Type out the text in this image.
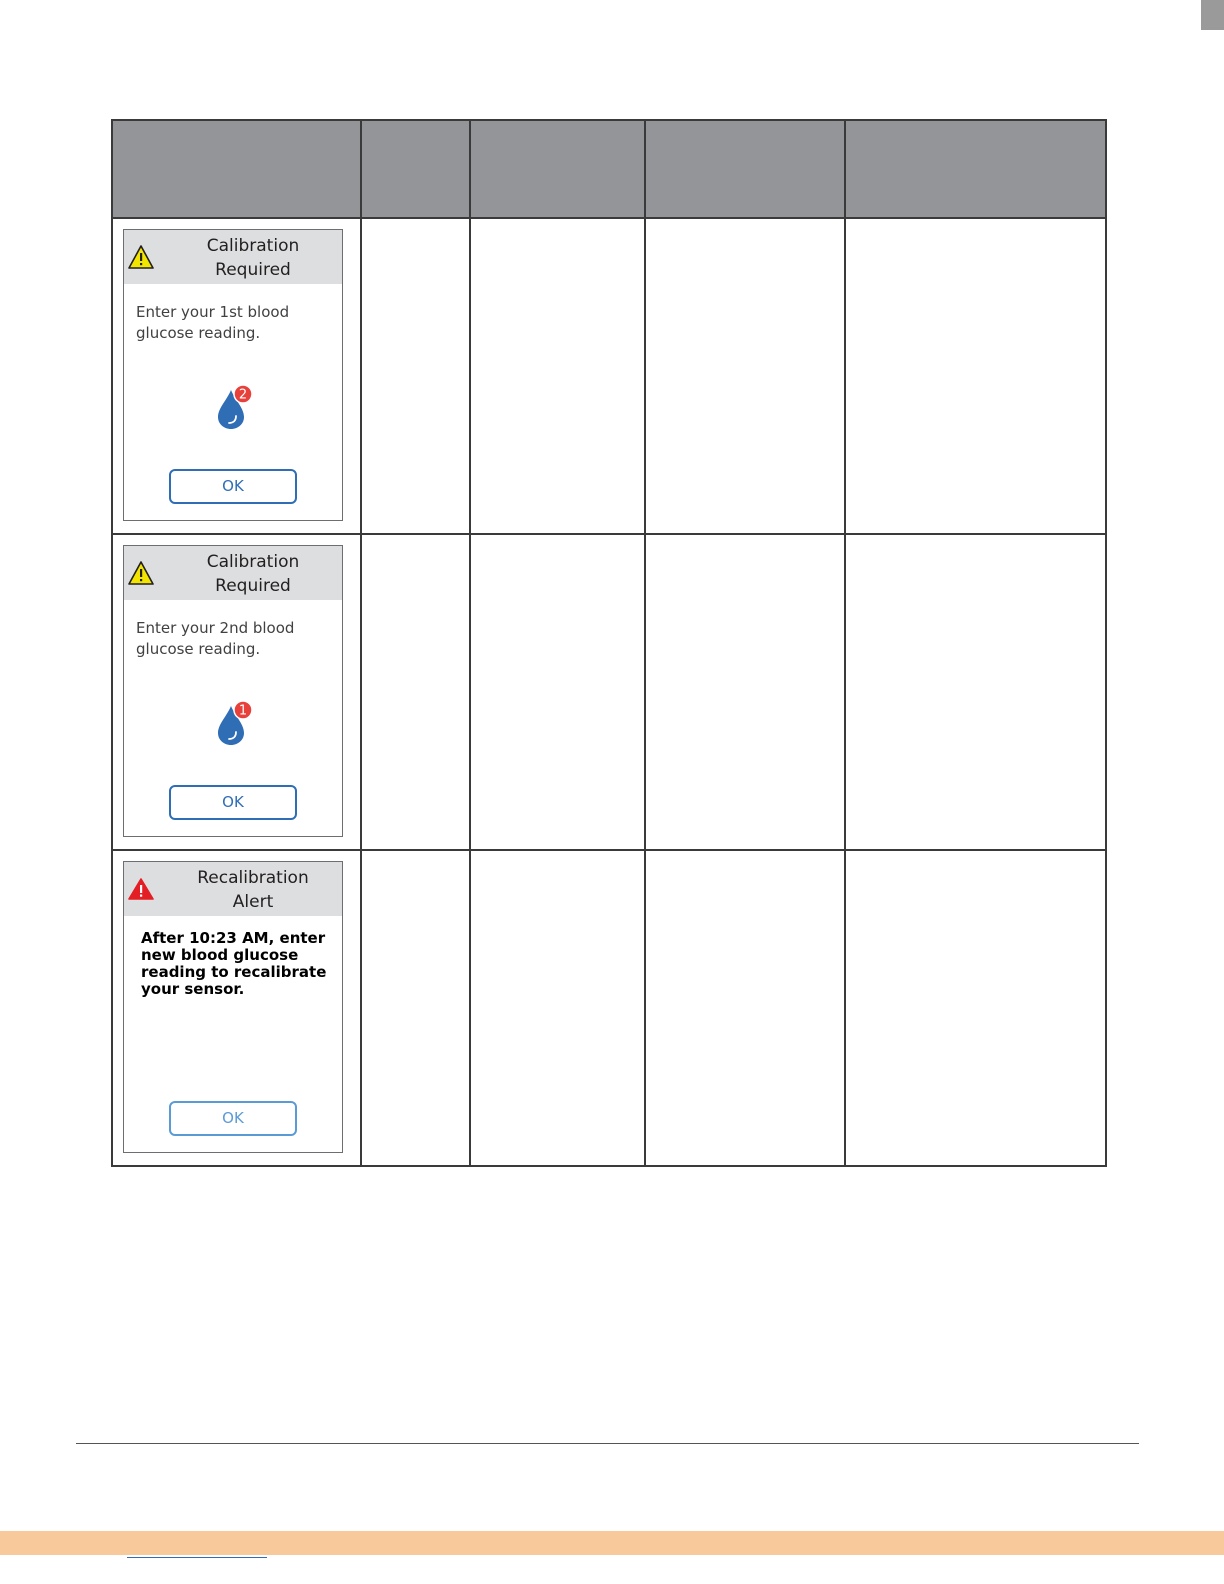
Calibration
Required
Enter your 1st blood glucose reading.
2
OK				

Calibration
Required
Enter your 2nd blood glucose reading.
1
OK				

Recalibration
Alert
After 10:23 AM, enter new blood glucose reading to recalibrate your sensor.
OK				
